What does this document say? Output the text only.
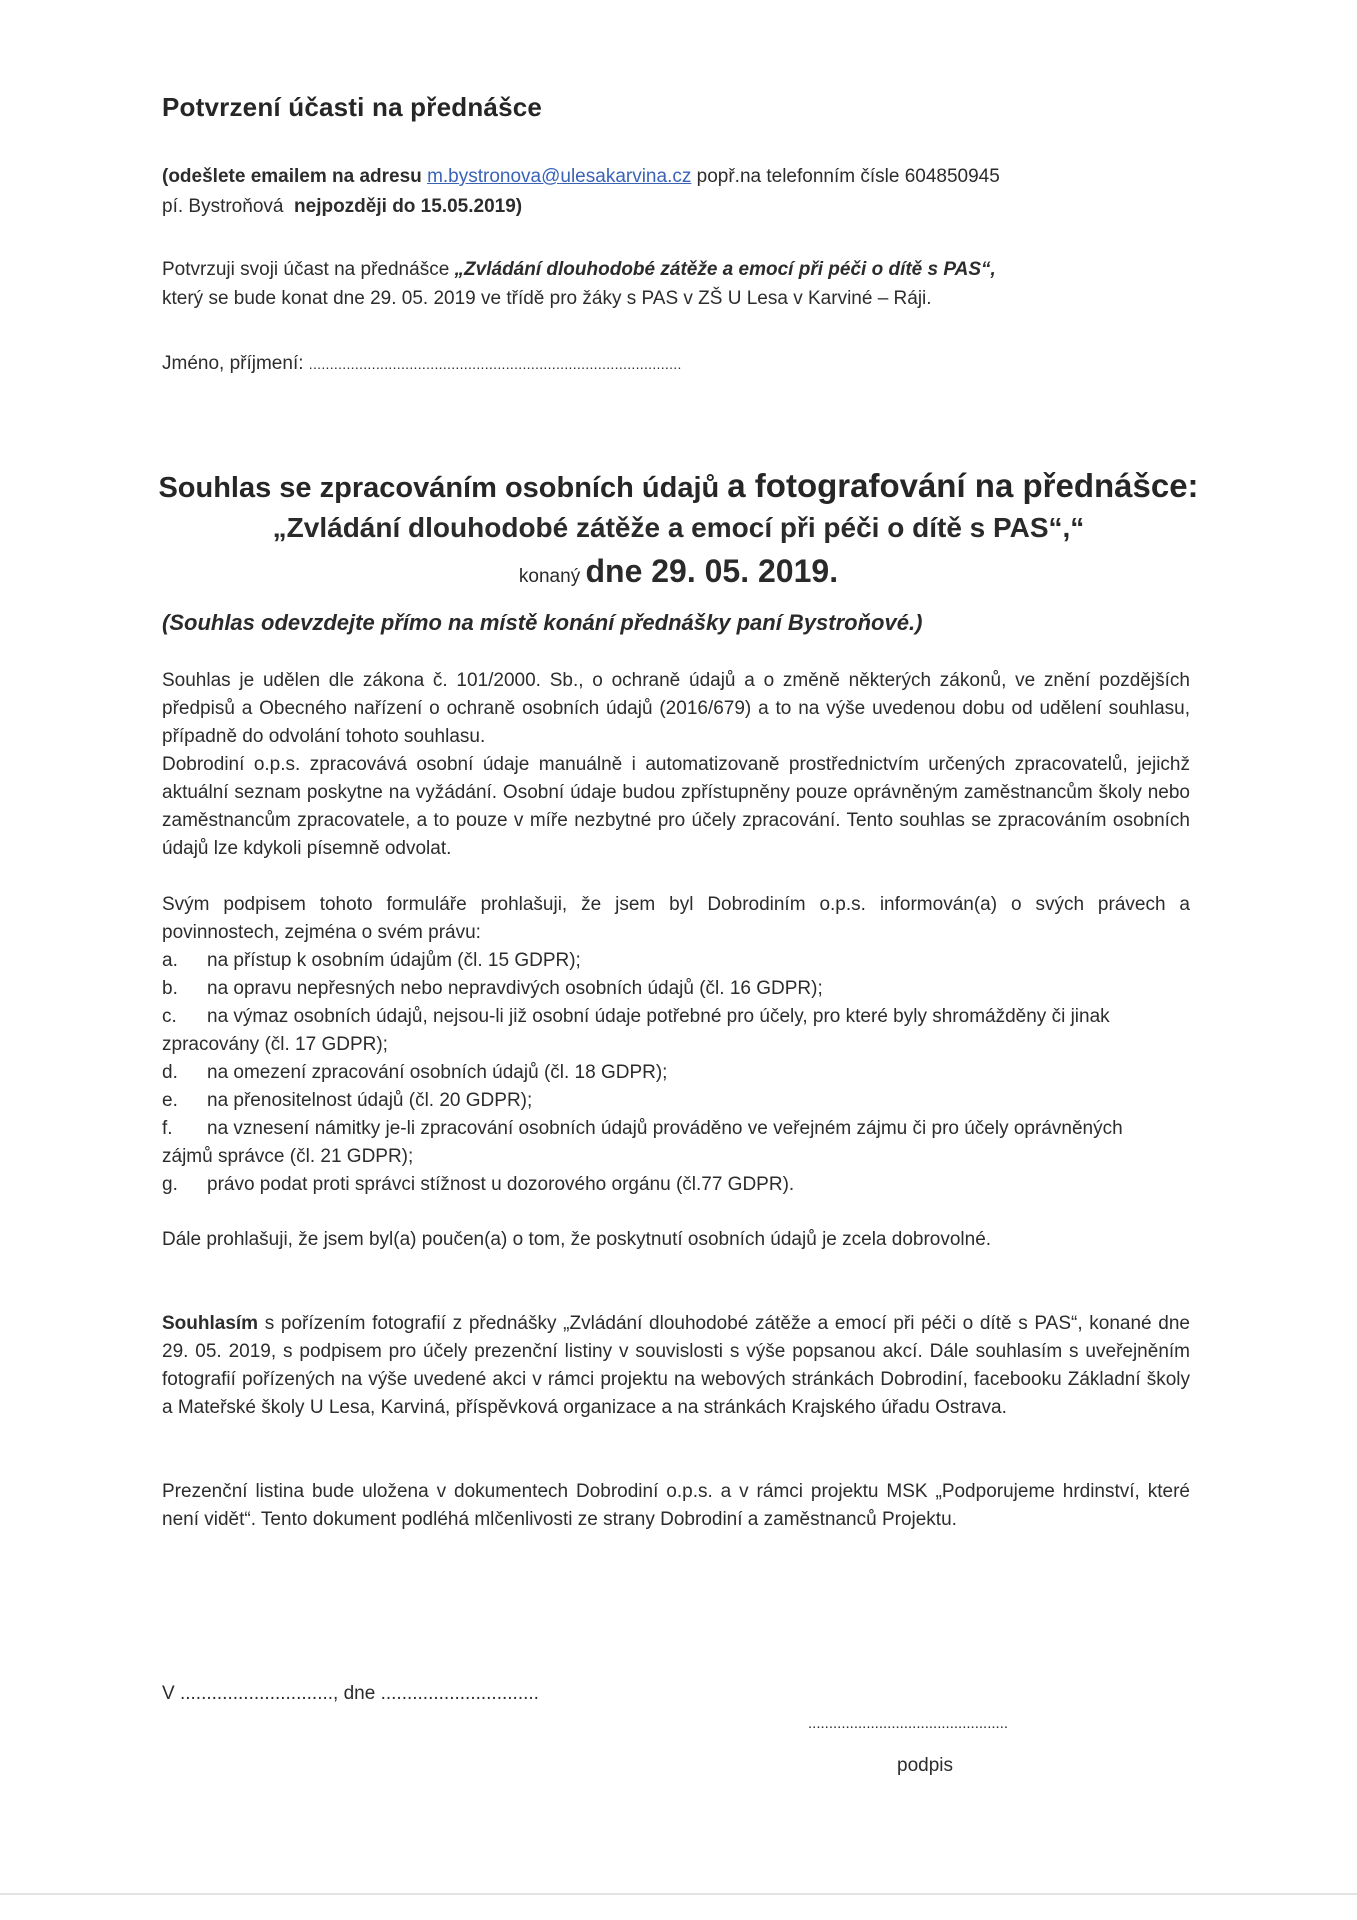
Potvrzení účasti na přednášce
(odešlete emailem na adresu m.bystronova@ulesakarvina.cz popř.na telefonním čísle 604850945
pí. Bystroňová nejpozději do 15.05.2019)
Potvrzuji svoji účast na přednášce „Zvládání dlouhodobé zátěže a emocí při péči o dítě s PAS“,
který se bude konat dne 29. 05. 2019 ve třídě pro žáky s PAS v ZŠ U Lesa v Karviné – Ráji.
Jméno, příjmení: .........................................................................................
Souhlas se zpracováním osobních údajů a fotografování na přednášce:
„Zvládání dlouhodobé zátěže a emocí při péči o dítě s PAS“,“
konaný dne 29. 05. 2019.
(Souhlas odevzdejte přímo na místě konání přednášky paní Bystroňové.)
Souhlas je udělen dle zákona č. 101/2000. Sb., o ochraně údajů a o změně některých zákonů, ve znění pozdějších předpisů a Obecného nařízení o ochraně osobních údajů (2016/679) a to na výše uvedenou dobu od udělení souhlasu, případně do odvolání tohoto souhlasu.
Dobrodiní o.p.s. zpracovává osobní údaje manuálně i automatizovaně prostřednictvím určených zpracovatelů, jejichž aktuální seznam poskytne na vyžádání. Osobní údaje budou zpřístupněny pouze oprávněným zaměstnancům školy nebo zaměstnancům zpracovatele, a to pouze v míře nezbytné pro účely zpracování. Tento souhlas se zpracováním osobních údajů lze kdykoli písemně odvolat.
Svým podpisem tohoto formuláře prohlašuji, že jsem byl Dobrodiním o.p.s. informován(a) o svých právech a povinnostech, zejména o svém právu:
a. na přístup k osobním údajům (čl. 15 GDPR);
b. na opravu nepřesných nebo nepravdivých osobních údajů (čl. 16 GDPR);
c. na výmaz osobních údajů, nejsou-li již osobní údaje potřebné pro účely, pro které byly shromážděny či jinak
zpracovány (čl. 17 GDPR);
d. na omezení zpracování osobních údajů (čl. 18 GDPR);
e. na přenositelnost údajů (čl. 20 GDPR);
f. na vznesení námitky je-li zpracování osobních údajů prováděno ve veřejném zájmu či pro účely oprávněných
zájmů správce (čl. 21 GDPR);
g. právo podat proti správci stížnost u dozorového orgánu (čl.77 GDPR).
Dále prohlašuji, že jsem byl(a) poučen(a) o tom, že poskytnutí osobních údajů je zcela dobrovolné.
Souhlasím s pořízením fotografií z přednášky „Zvládání dlouhodobé zátěže a emocí při péči o dítě s PAS“, konané dne 29. 05. 2019, s podpisem pro účely prezenční listiny v souvislosti s výše popsanou akcí. Dále souhlasím s uveřejněním fotografií pořízených na výše uvedené akci v rámci projektu na webových stránkách Dobrodiní, facebooku Základní školy a Mateřské školy U Lesa, Karviná, příspěvková organizace a na stránkách Krajského úřadu Ostrava.
Prezenční listina bude uložena v dokumentech Dobrodiní o.p.s. a v rámci projektu MSK „Podporujeme hrdinství, které není vidět“. Tento dokument podléhá mlčenlivosti ze strany Dobrodiní a zaměstnanců Projektu.
V ............................., dne ..............................
................................................
podpis
